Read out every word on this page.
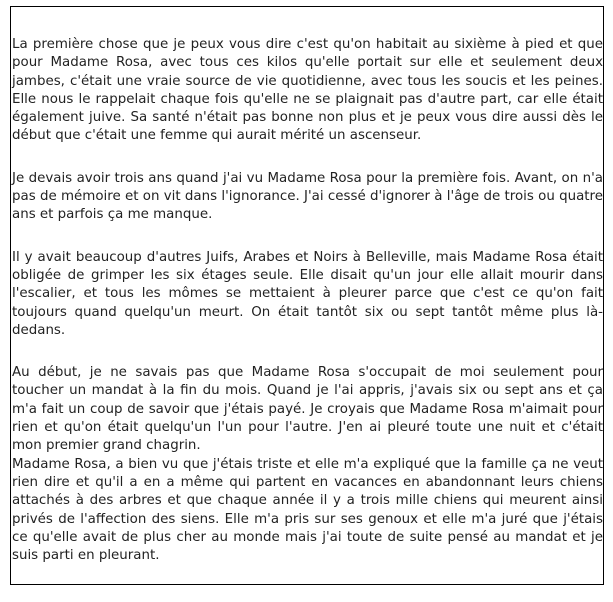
La première chose que je peux vous dire c'est qu'on habitait au sixième à pied et que pour Madame Rosa, avec tous ces kilos qu'elle portait sur elle et seulement deux jambes, c'était une vraie source de vie quotidienne, avec tous les soucis et les peines. Elle nous le rappelait chaque fois qu'elle ne se plaignait pas d'autre part, car elle était également juive. Sa santé n'était pas bonne non plus et je peux vous dire aussi dès le début que c'était une femme qui aurait mérité un ascenseur.

Je devais avoir trois ans quand j'ai vu Madame Rosa pour la première fois. Avant, on n'a pas de mémoire et on vit dans l'ignorance. J'ai cessé d'ignorer à l'âge de trois ou quatre ans et parfois ça me manque.

Il y avait beaucoup d'autres Juifs, Arabes et Noirs à Belleville, mais Madame Rosa était obligée de grimper les six étages seule. Elle disait qu'un jour elle allait mourir dans l'escalier, et tous les mômes se mettaient à pleurer parce que c'est ce qu'on fait toujours quand quelqu'un meurt. On était tantôt six ou sept tantôt même plus là-dedans.

Au début, je ne savais pas que Madame Rosa s'occupait de moi seulement pour toucher un mandat à la fin du mois. Quand je l'ai appris, j'avais six ou sept ans et ça m'a fait un coup de savoir que j'étais payé. Je croyais que Madame Rosa m'aimait pour rien et qu'on était quelqu'un l'un pour l'autre. J'en ai pleuré toute une nuit et c'était mon premier grand chagrin.

Madame Rosa, a bien vu que j'étais triste et elle m'a expliqué que la famille ça ne veut rien dire et qu'il a en a même qui partent en vacances en abandonnant leurs chiens attachés à des arbres et que chaque année il y a trois mille chiens qui meurent ainsi privés de l'affection des siens. Elle m'a pris sur ses genoux et elle m'a juré que j'étais ce qu'elle avait de plus cher au monde mais j'ai toute de suite pensé au mandat et je suis parti en pleurant.
